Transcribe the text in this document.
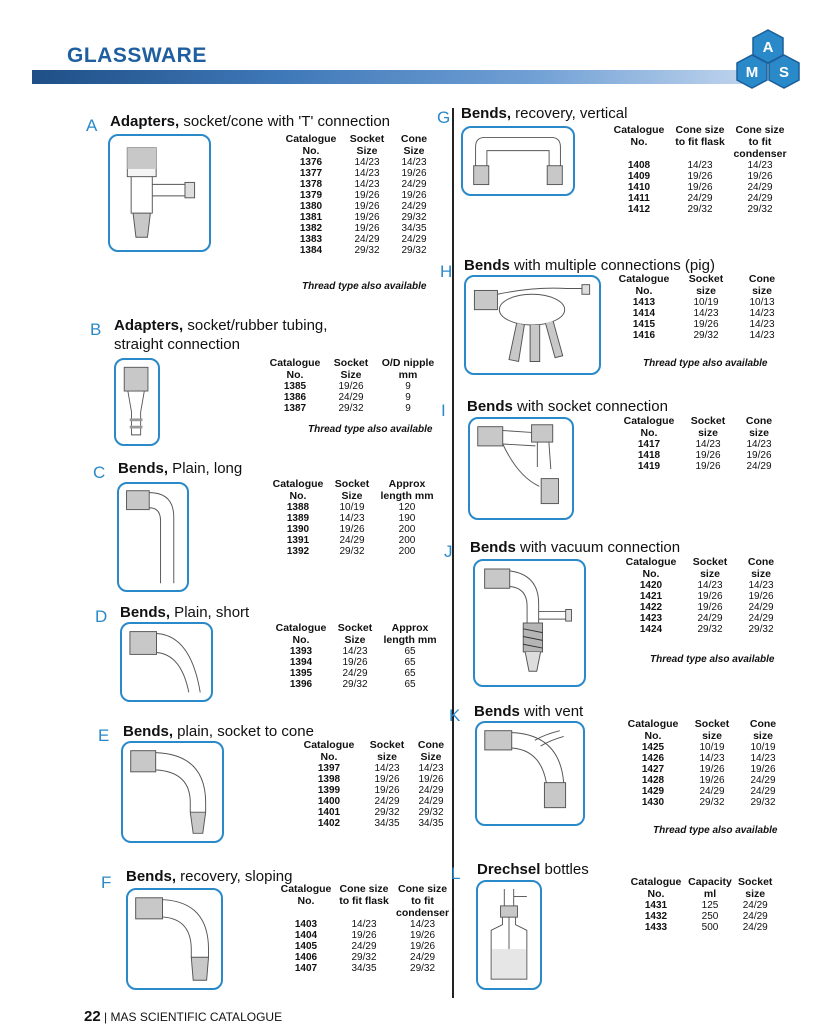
GLASSWARE	A
M S
A Adapters, socket/cone with 'T' connection
Catalogue No.	Socket Size	Cone Size
1376	14/23	14/23
1377	14/23	19/26
1378	14/23	24/29
1379	19/26	19/26
1380	19/26	24/29
1381	19/26	29/32
1382	19/26	34/35
1383	24/29	24/29
1384	29/32	29/32
Thread type also available
B Adapters, socket/rubber tubing,
straight connection
Catalogue No.	Socket Size	O/D nipple mm
1385	19/26	9
1386	24/29	9
1387	29/32	9
Thread type also available
C Bends, Plain, long
Catalogue No.	Socket Size	Approx length mm
1388	10/19	120
1389	14/23	190
1390	19/26	200
1391	24/29	200
1392	29/32	200
D Bends, Plain, short
Catalogue No.	Socket Size	Approx length mm
1393	14/23	65
1394	19/26	65
1395	24/29	65
1396	29/32	65
E Bends, plain, socket to cone
Catalogue No.	Socket size	Cone Size
1397	14/23	14/23
1398	19/26	19/26
1399	19/26	24/29
1400	24/29	24/29
1401	29/32	29/32
1402	34/35	34/35
F Bends, recovery, sloping
Catalogue No.	Cone size to fit flask	Cone size to fit condenser
1403	14/23	14/23
1404	19/26	19/26
1405	24/29	19/26
1406	29/32	24/29
1407	34/35	29/32
G Bends, recovery, vertical
Catalogue No.	Cone size to fit flask	Cone size to fit condenser
1408	14/23	14/23
1409	19/26	19/26
1410	19/26	24/29
1411	24/29	24/29
1412	29/32	29/32
H Bends with multiple connections (pig)
Catalogue No.	Socket size	Cone size
1413	10/19	10/13
1414	14/23	14/23
1415	19/26	14/23
1416	29/32	14/23
Thread type also available
I Bends with socket connection
Catalogue No.	Socket size	Cone size
1417	14/23	14/23
1418	19/26	19/26
1419	19/26	24/29
J Bends with vacuum connection
Catalogue No.	Socket size	Cone size
1420	14/23	14/23
1421	19/26	19/26
1422	19/26	24/29
1423	24/29	24/29
1424	29/32	29/32
Thread type also available
K Bends with vent
Catalogue No.	Socket size	Cone size
1425	10/19	10/19
1426	14/23	14/23
1427	19/26	19/26
1428	19/26	24/29
1429	24/29	24/29
1430	29/32	29/32
Thread type also available
L Drechsel bottles
Catalogue No.	Capacity ml	Socket size
1431	125	24/29
1432	250	24/29
1433	500	24/29
22 | MAS SCIENTIFIC CATALOGUE
